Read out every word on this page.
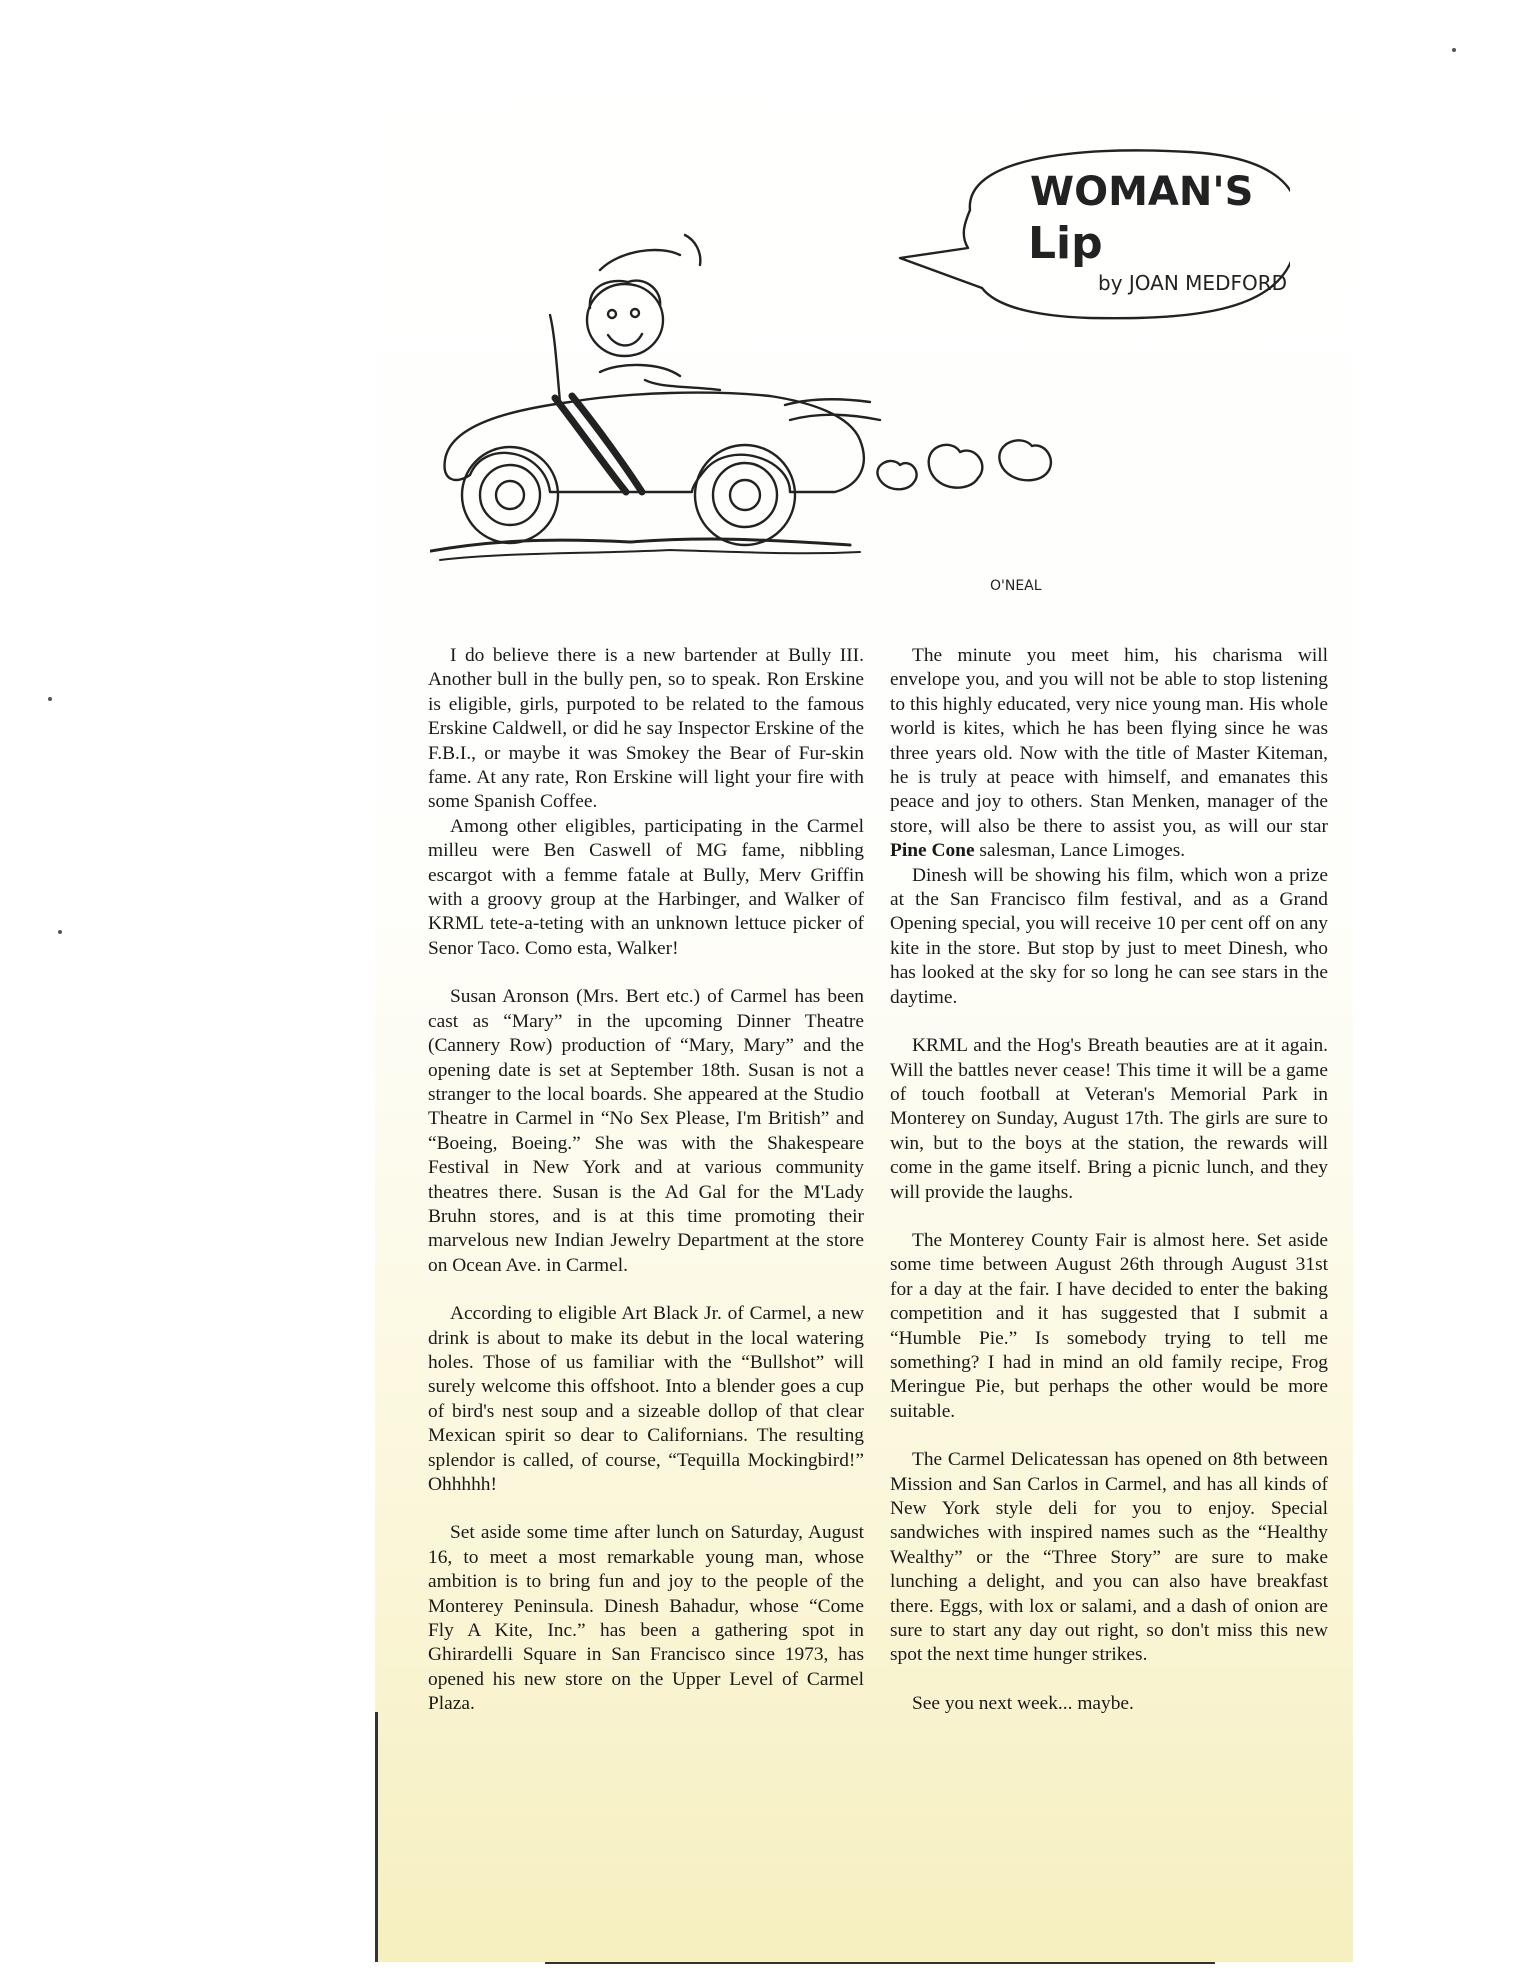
WOMAN'S
Lip
by JOAN MEDFORD
O'NEAL

I do believe there is a new bartender at Bully III. Another bull in the bully pen, so to speak. Ron Erskine is eligible, girls, purpoted to be related to the famous Erskine Caldwell, or did he say Inspector Erskine of the F.B.I., or maybe it was Smokey the Bear of Fur-skin fame. At any rate, Ron Erskine will light your fire with some Spanish Coffee.

Among other eligibles, participating in the Carmel milleu were Ben Caswell of MG fame, nibbling escargot with a femme fatale at Bully, Merv Griffin with a groovy group at the Harbinger, and Walker of KRML tete-a-teting with an unknown lettuce picker of Senor Taco. Como esta, Walker!

Susan Aronson (Mrs. Bert etc.) of Carmel has been cast as “Mary” in the upcoming Dinner Theatre (Cannery Row) production of “Mary, Mary” and the opening date is set at September 18th. Susan is not a stranger to the local boards. She appeared at the Studio Theatre in Carmel in “No Sex Please, I'm British” and “Boeing, Boeing.” She was with the Shakespeare Festival in New York and at various community theatres there. Susan is the Ad Gal for the M'Lady Bruhn stores, and is at this time promoting their marvelous new Indian Jewelry Department at the store on Ocean Ave. in Carmel.

According to eligible Art Black Jr. of Carmel, a new drink is about to make its debut in the local watering holes. Those of us familiar with the “Bullshot” will surely welcome this offshoot. Into a blender goes a cup of bird's nest soup and a sizeable dollop of that clear Mexican spirit so dear to Californians. The resulting splendor is called, of course, “Tequilla Mockingbird!” Ohhhhh!

Set aside some time after lunch on Saturday, August 16, to meet a most remarkable young man, whose ambition is to bring fun and joy to the people of the Monterey Peninsula. Dinesh Bahadur, whose “Come Fly A Kite, Inc.” has been a gathering spot in Ghirardelli Square in San Francisco since 1973, has opened his new store on the Upper Level of Carmel Plaza.

The minute you meet him, his charisma will envelope you, and you will not be able to stop listening to this highly educated, very nice young man. His whole world is kites, which he has been flying since he was three years old. Now with the title of Master Kiteman, he is truly at peace with himself, and emanates this peace and joy to others. Stan Menken, manager of the store, will also be there to assist you, as will our star Pine Cone salesman, Lance Limoges.

Dinesh will be showing his film, which won a prize at the San Francisco film festival, and as a Grand Opening special, you will receive 10 per cent off on any kite in the store. But stop by just to meet Dinesh, who has looked at the sky for so long he can see stars in the daytime.

KRML and the Hog's Breath beauties are at it again. Will the battles never cease! This time it will be a game of touch football at Veteran's Memorial Park in Monterey on Sunday, August 17th. The girls are sure to win, but to the boys at the station, the rewards will come in the game itself. Bring a picnic lunch, and they will provide the laughs.

The Monterey County Fair is almost here. Set aside some time between August 26th through August 31st for a day at the fair. I have decided to enter the baking competition and it has suggested that I submit a “Humble Pie.” Is somebody trying to tell me something? I had in mind an old family recipe, Frog Meringue Pie, but perhaps the other would be more suitable.

The Carmel Delicatessan has opened on 8th between Mission and San Carlos in Carmel, and has all kinds of New York style deli for you to enjoy. Special sandwiches with inspired names such as the “Healthy Wealthy” or the “Three Story” are sure to make lunching a delight, and you can also have breakfast there. Eggs, with lox or salami, and a dash of onion are sure to start any day out right, so don't miss this new spot the next time hunger strikes.

See you next week... maybe.
